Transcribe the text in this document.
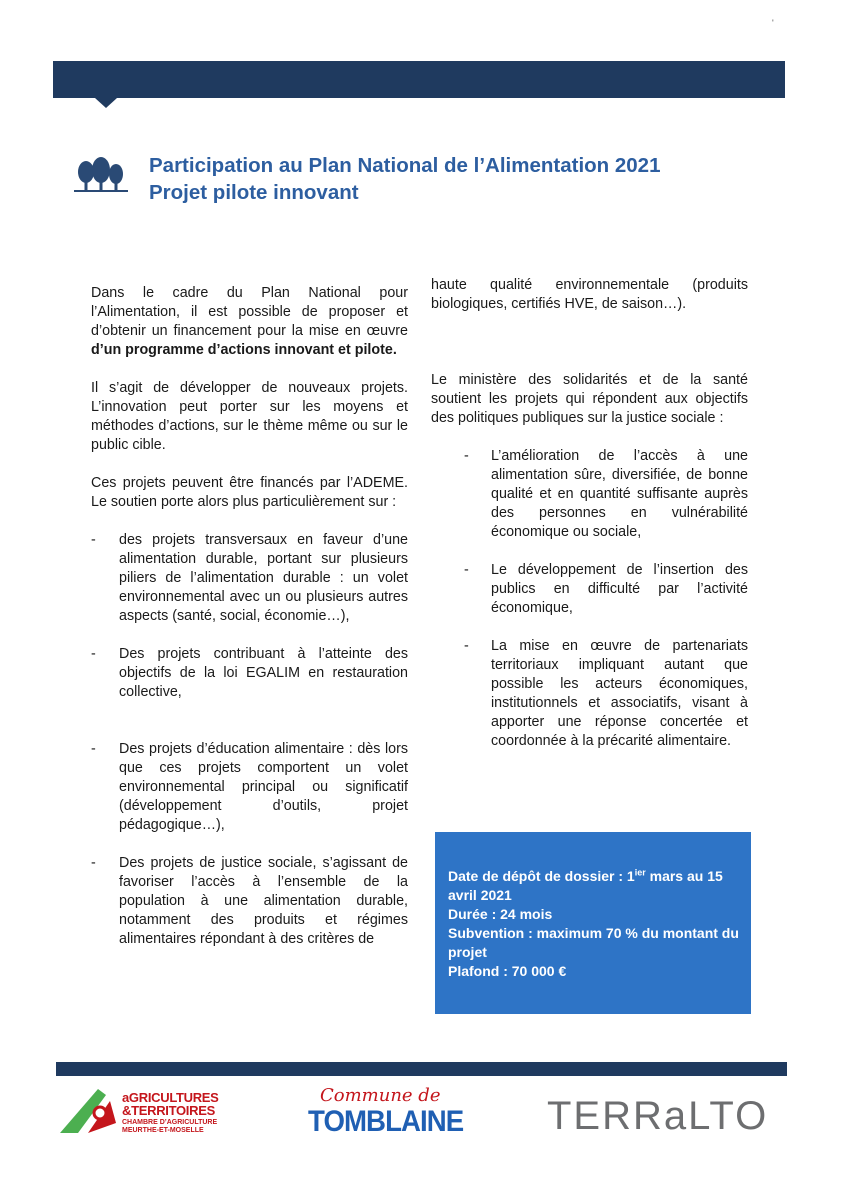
'
Participation au Plan National de l’Alimentation 2021
Projet pilote innovant

Dans le cadre du Plan National pour l’Alimentation, il est possible de proposer et d’obtenir un financement pour la mise en œuvre d’un programme d’actions innovant et pilote.

Il s’agit de développer de nouveaux projets. L’innovation peut porter sur les moyens et méthodes d’actions, sur le thème même ou sur le public cible.

Ces projets peuvent être financés par l’ADEME. Le soutien porte alors plus particulièrement sur :

- des projets transversaux en faveur d’une alimentation durable, portant sur plusieurs piliers de l’alimentation durable : un volet environnemental avec un ou plusieurs autres aspects (santé, social, économie…),
- Des projets contribuant à l’atteinte des objectifs de la loi EGALIM en restauration collective,
- Des projets d’éducation alimentaire : dès lors que ces projets comportent un volet environnemental principal ou significatif (développement d’outils, projet pédagogique…),
- Des projets de justice sociale, s’agissant de favoriser l’accès à l’ensemble de la population à une alimentation durable, notamment des produits et régimes alimentaires répondant à des critères de

haute qualité environnementale (produits biologiques, certifiés HVE, de saison…).

Le ministère des solidarités et de la santé soutient les projets qui répondent aux objectifs des politiques publiques sur la justice sociale :

- L’amélioration de l’accès à une alimentation sûre, diversifiée, de bonne qualité et en quantité suffisante auprès des personnes en vulnérabilité économique ou sociale,
- Le développement de l’insertion des publics en difficulté par l’activité économique,
- La mise en œuvre de partenariats territoriaux impliquant autant que possible les acteurs économiques, institutionnels et associatifs, visant à apporter une réponse concertée et coordonnée à la précarité alimentaire.
Date de dépôt de dossier : $1^{ier}$ mars au 15 avril 2021
Durée : 24 mois
Subvention : maximum 70 % du montant du projet
Plafond : 70 000 €
aGRICULTURES
&TERRITOIRES
CHAMBRE D’AGRICULTURE
MEURTHE-ET-MOSELLE
Commune de
TOMBLAINE TERRaLTO
